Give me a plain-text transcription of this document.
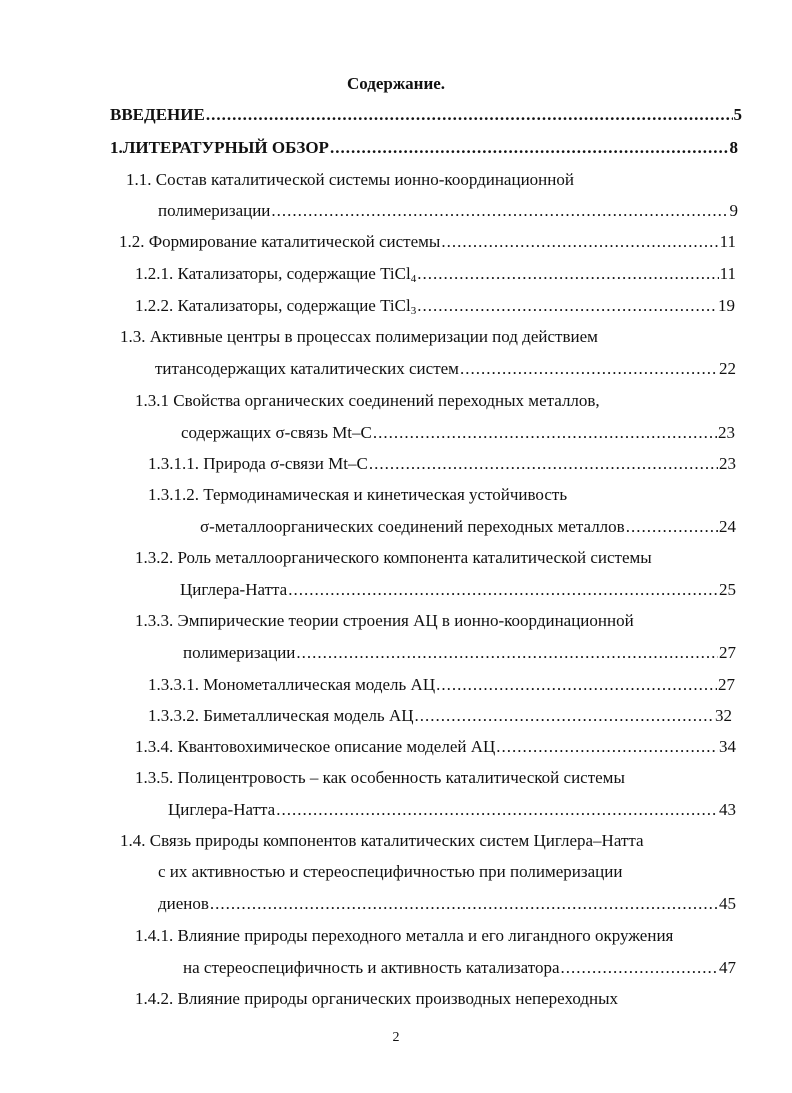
Содержание.
ВВЕДЕНИЕ .....	5
1.ЛИТЕРАТУРНЫЙ ОБЗОР .....	8
1.1. Состав каталитической системы ионно-координационной
полимеризации .....	9
1.2. Формирование каталитической системы .....	11
1.2.1. Катализаторы, содержащие TiCl$_4$ .....	11
1.2.2. Катализаторы, содержащие TiCl$_3$ .....	19
1.3. Активные центры в процессах полимеризации под действием
титансодержащих каталитических систем .....	22
1.3.1 Свойства органических соединений переходных металлов,
содержащих σ-связь Mt–C .....	23
1.3.1.1. Природа σ-связи Mt–C .....	23
1.3.1.2. Термодинамическая и кинетическая устойчивость
σ-металлоорганических соединений переходных металлов .....	24
1.3.2. Роль металлоорганического компонента каталитической системы
Циглера-Натта .....	25
1.3.3. Эмпирические теории строения АЦ в ионно-координационной
полимеризации .....	27
1.3.3.1. Монометаллическая модель АЦ .....	27
1.3.3.2. Биметаллическая модель АЦ .....	32
1.3.4. Квантовохимическое описание моделей АЦ .....	34
1.3.5. Полицентровость – как особенность каталитической системы
Циглера-Натта .....	43
1.4. Связь природы компонентов каталитических систем Циглера–Натта
с их активностью и стереоспецифичностью при полимеризации
диенов .....	45
1.4.1. Влияние природы переходного металла и его лигандного окружения
на стереоспецифичность и активность катализатора .....	47
1.4.2. Влияние природы органических производных непереходных
2
